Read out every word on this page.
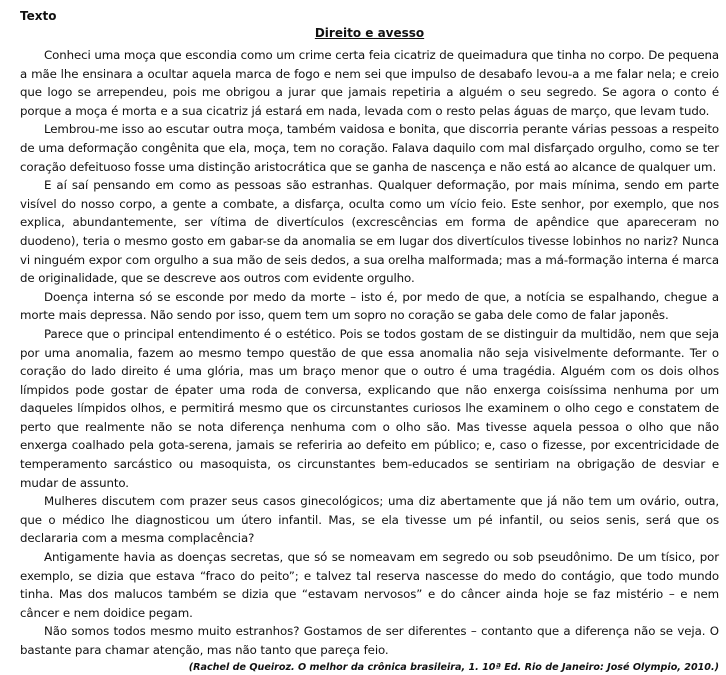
Texto
Direito e avesso

Conheci uma moça que escondia como um crime certa feia cicatriz de queimadura que tinha no corpo. De pequena a mãe lhe ensinara a ocultar aquela marca de fogo e nem sei que impulso de desabafo levou-a a me falar nela; e creio que logo se arrependeu, pois me obrigou a jurar que jamais repetiria a alguém o seu segredo. Se agora o conto é porque a moça é morta e a sua cicatriz já estará em nada, levada com o resto pelas águas de março, que levam tudo.

Lembrou-me isso ao escutar outra moça, também vaidosa e bonita, que discorria perante várias pessoas a respeito de uma deformação congênita que ela, moça, tem no coração. Falava daquilo com mal disfarçado orgulho, como se ter coração defeituoso fosse uma distinção aristocrática que se ganha de nascença e não está ao alcance de qualquer um.

E aí saí pensando em como as pessoas são estranhas. Qualquer deformação, por mais mínima, sendo em parte visível do nosso corpo, a gente a combate, a disfarça, oculta como um vício feio. Este senhor, por exemplo, que nos explica, abundantemente, ser vítima de divertículos (excrescências em forma de apêndice que apareceram no duodeno), teria o mesmo gosto em gabar-se da anomalia se em lugar dos divertículos tivesse lobinhos no nariz? Nunca vi ninguém expor com orgulho a sua mão de seis dedos, a sua orelha malformada; mas a má-formação interna é marca de originalidade, que se descreve aos outros com evidente orgulho.

Doença interna só se esconde por medo da morte – isto é, por medo de que, a notícia se espalhando, chegue a morte mais depressa. Não sendo por isso, quem tem um sopro no coração se gaba dele como de falar japonês.

Parece que o principal entendimento é o estético. Pois se todos gostam de se distinguir da multidão, nem que seja por uma anomalia, fazem ao mesmo tempo questão de que essa anomalia não seja visivelmente deformante. Ter o coração do lado direito é uma glória, mas um braço menor que o outro é uma tragédia. Alguém com os dois olhos límpidos pode gostar de épater uma roda de conversa, explicando que não enxerga coisíssima nenhuma por um daqueles límpidos olhos, e permitirá mesmo que os circunstantes curiosos lhe examinem o olho cego e constatem de perto que realmente não se nota diferença nenhuma com o olho são. Mas tivesse aquela pessoa o olho que não enxerga coalhado pela gota-serena, jamais se referiria ao defeito em público; e, caso o fizesse, por excentricidade de temperamento sarcástico ou masoquista, os circunstantes bem-educados se sentiriam na obrigação de desviar e mudar de assunto.

Mulheres discutem com prazer seus casos ginecológicos; uma diz abertamente que já não tem um ovário, outra, que o médico lhe diagnosticou um útero infantil. Mas, se ela tivesse um pé infantil, ou seios senis, será que os declararia com a mesma complacência?

Antigamente havia as doenças secretas, que só se nomeavam em segredo ou sob pseudônimo. De um tísico, por exemplo, se dizia que estava “fraco do peito”; e talvez tal reserva nascesse do medo do contágio, que todo mundo tinha. Mas dos malucos também se dizia que “estavam nervosos” e do câncer ainda hoje se faz mistério – e nem câncer e nem doidice pegam.

Não somos todos mesmo muito estranhos? Gostamos de ser diferentes – contanto que a diferença não se veja. O bastante para chamar atenção, mas não tanto que pareça feio.

(Rachel de Queiroz. O melhor da crônica brasileira, 1. 10ª Ed. Rio de Janeiro: José Olympio, 2010.)
